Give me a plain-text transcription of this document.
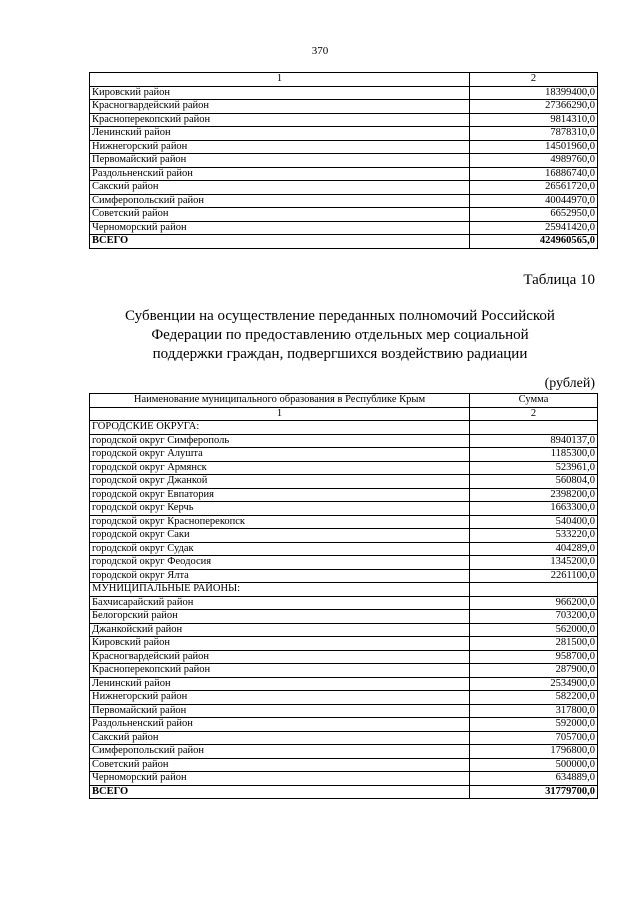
370
1	2
Кировский район	18399400,0
Красногвардейский район	27366290,0
Красноперекопский район	9814310,0
Ленинский район	7878310,0
Нижнегорский район	14501960,0
Первомайский район	4989760,0
Раздольненский район	16886740,0
Сакский район	26561720,0
Симферопольский район	40044970,0
Советский район	6652950,0
Черноморский район	25941420,0
ВСЕГО	424960565,0
Таблица 10
Субвенции на осуществление переданных полномочий Российской
Федерации по предоставлению отдельных мер социальной
поддержки граждан, подвергшихся воздействию радиации
(рублей)
Наименование муниципального образования в Республике Крым	Сумма
1	2
ГОРОДСКИЕ ОКРУГА:	
городской округ Симферополь	8940137,0
городской округ Алушта	1185300,0
городской округ Армянск	523961,0
городской округ Джанкой	560804,0
городской округ Евпатория	2398200,0
городской округ Керчь	1663300,0
городской округ Красноперекопск	540400,0
городской округ Саки	533220,0
городской округ Судак	404289,0
городской округ Феодосия	1345200,0
городской округ Ялта	2261100,0
МУНИЦИПАЛЬНЫЕ РАЙОНЫ:	
Бахчисарайский район	966200,0
Белогорский район	703200,0
Джанкойский район	562000,0
Кировский район	281500,0
Красногвардейский район	958700,0
Красноперекопский район	287900,0
Ленинский район	2534900,0
Нижнегорский район	582200,0
Первомайский район	317800,0
Раздольненский район	592000,0
Сакский район	705700,0
Симферопольский район	1796800,0
Советский район	500000,0
Черноморский район	634889,0
ВСЕГО	31779700,0
